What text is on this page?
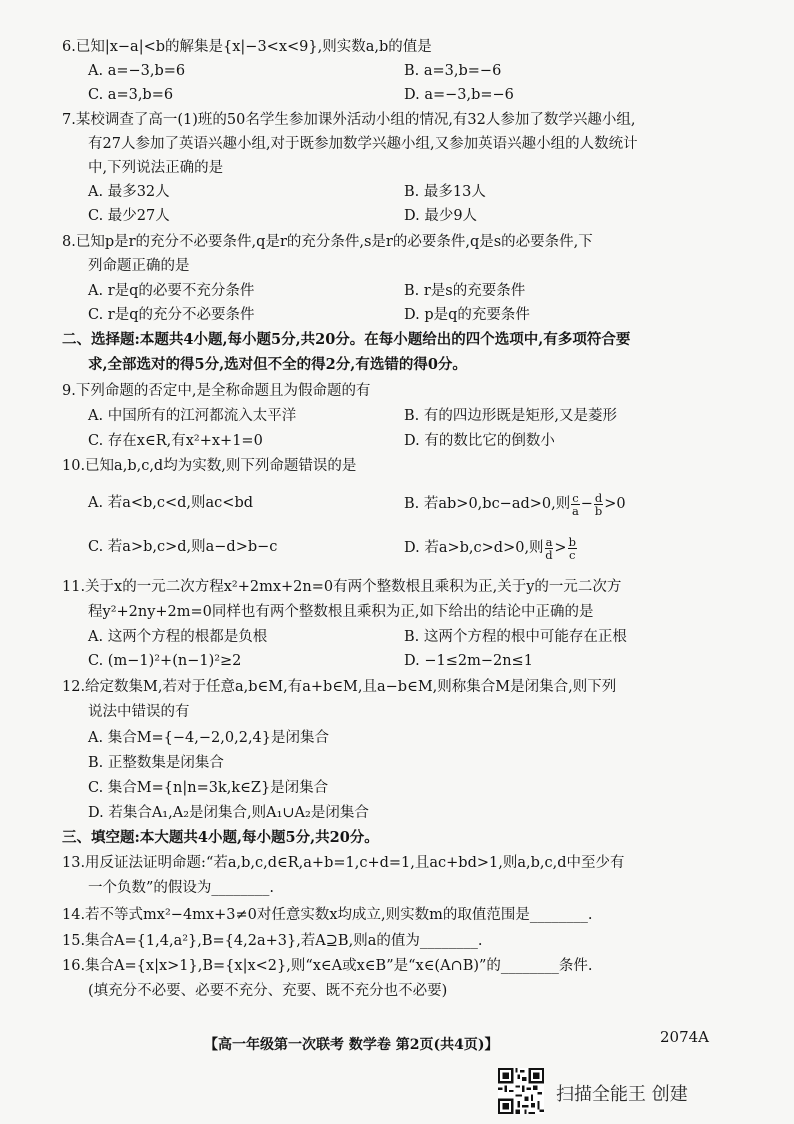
6.已知|x−a|<b的解集是{x|−3<x<9},则实数a,b的值是
A. a=−3,b=6	B. a=3,b=−6
C. a=3,b=6	D. a=−3,b=−6
7.某校调查了高一(1)班的50名学生参加课外活动小组的情况,有32人参加了数学兴趣小组,
有27人参加了英语兴趣小组,对于既参加数学兴趣小组,又参加英语兴趣小组的人数统计
中,下列说法正确的是
A. 最多32人	B. 最多13人
C. 最少27人	D. 最少9人
8.已知p是r的充分不必要条件,q是r的充分条件,s是r的必要条件,q是s的必要条件,下
列命题正确的是
A. r是q的必要不充分条件	B. r是s的充要条件
C. r是q的充分不必要条件	D. p是q的充要条件
二、选择题:本题共4小题,每小题5分,共20分。在每小题给出的四个选项中,有多项符合要
求,全部选对的得5分,选对但不全的得2分,有选错的得0分。
9.下列命题的否定中,是全称命题且为假命题的有
A. 中国所有的江河都流入太平洋	B. 有的四边形既是矩形,又是菱形
C. 存在x∈R,有x²+x+1=0	D. 有的数比它的倒数小
10.已知a,b,c,d均为实数,则下列命题错误的是
A. 若a<b,c<d,则ac<bd	B. 若ab>0,bc−ad>0,则 $\frac{c}{a} - \frac{d}{b} >0$
C. 若a>b,c>d,则a−d>b−c	D. 若a>b,c>d>0,则 $\frac{a}{d} > \frac{b}{c}$
11.关于x的一元二次方程x²+2mx+2n=0有两个整数根且乘积为正,关于y的一元二次方
程y²+2ny+2m=0同样也有两个整数根且乘积为正,如下给出的结论中正确的是
A. 这两个方程的根都是负根	B. 这两个方程的根中可能存在正根
C. (m−1)²+(n−1)²≥2	D. −1≤2m−2n≤1
12.给定数集M,若对于任意a,b∈M,有a+b∈M,且a−b∈M,则称集合M是闭集合,则下列
说法中错误的有
A. 集合M={−4,−2,0,2,4}是闭集合
B. 正整数集是闭集合
C. 集合M={n|n=3k,k∈Z}是闭集合
D. 若集合A₁,A₂是闭集合,则A₁∪A₂是闭集合
三、填空题:本大题共4小题,每小题5分,共20分。
13.用反证法证明命题:“若a,b,c,d∈R,a+b=1,c+d=1,且ac+bd>1,则a,b,c,d中至少有
一个负数”的假设为________.
14.若不等式mx²−4mx+3≠0对任意实数x均成立,则实数m的取值范围是________.
15.集合A={1,4,a²},B={4,2a+3},若A⊇B,则a的值为________.
16.集合A={x|x>1},B={x|x<2},则“x∈A或x∈B”是“x∈(A∩B)”的________条件.
(填充分不必要、必要不充分、充要、既不充分也不必要)
【高一年级第一次联考 数学卷 第2页(共4页)】	2074A
扫描全能王 创建
